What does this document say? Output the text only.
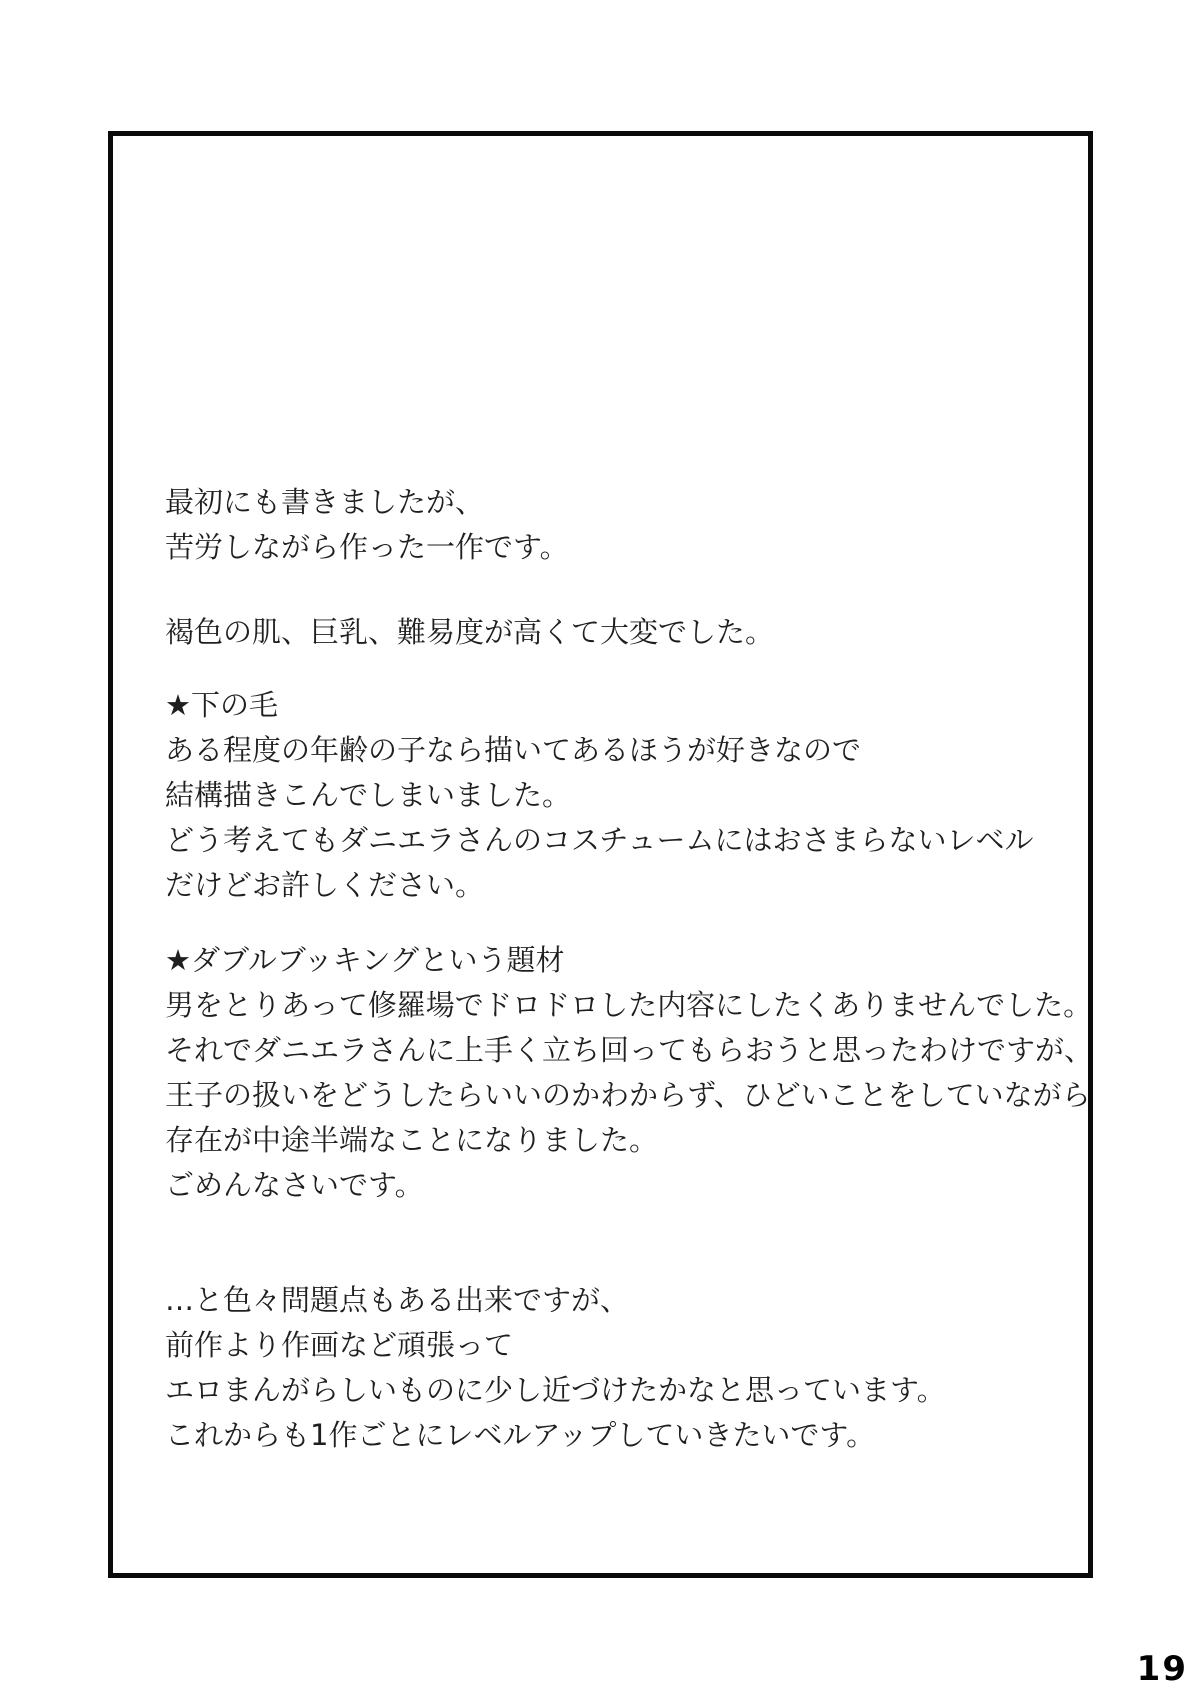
最初にも書きましたが、
苦労しながら作った一作です。
褐色の肌、巨乳、難易度が高くて大変でした。
★下の毛
ある程度の年齢の子なら描いてあるほうが好きなので
結構描きこんでしまいました。
どう考えてもダニエラさんのコスチュームにはおさまらないレベル
だけどお許しください。
★ダブルブッキングという題材
男をとりあって修羅場でドロドロした内容にしたくありませんでした。
それでダニエラさんに上手く立ち回ってもらおうと思ったわけですが、
王子の扱いをどうしたらいいのかわからず、ひどいことをしていながら
存在が中途半端なことになりました。
ごめんなさいです。
…と色々問題点もある出来ですが、
前作より作画など頑張って
エロまんがらしいものに少し近づけたかなと思っています。
これからも1作ごとにレベルアップしていきたいです。
19
